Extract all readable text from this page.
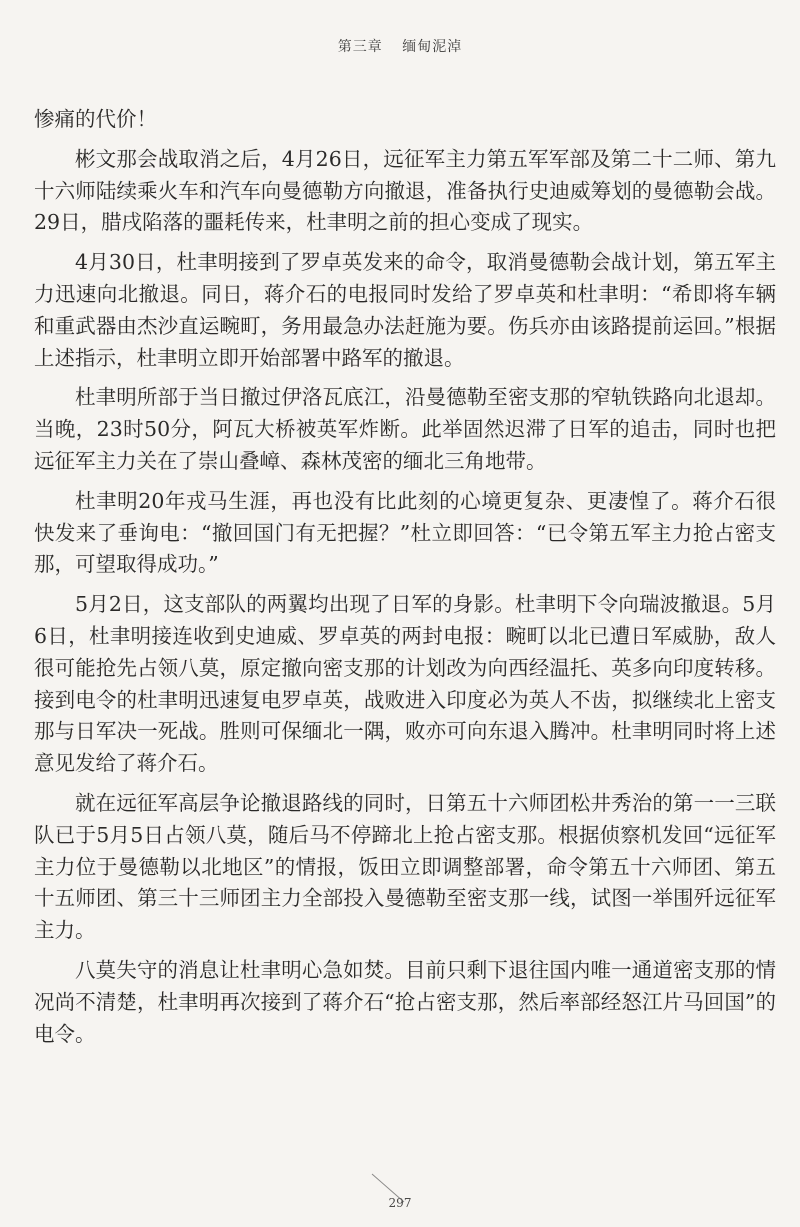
第三章 缅甸泥淖

惨痛的代价！

彬文那会战取消之后，4月26日，远征军主力第五军军部及第二十二师、第九十六师陆续乘火车和汽车向曼德勒方向撤退，准备执行史迪威筹划的曼德勒会战。29日，腊戌陷落的噩耗传来，杜聿明之前的担心变成了现实。

4月30日，杜聿明接到了罗卓英发来的命令，取消曼德勒会战计划，第五军主力迅速向北撤退。同日，蒋介石的电报同时发给了罗卓英和杜聿明：“希即将车辆和重武器由杰沙直运畹町，务用最急办法赶施为要。伤兵亦由该路提前运回。”根据上述指示，杜聿明立即开始部署中路军的撤退。

杜聿明所部于当日撤过伊洛瓦底江，沿曼德勒至密支那的窄轨铁路向北退却。当晚，23时50分，阿瓦大桥被英军炸断。此举固然迟滞了日军的追击，同时也把远征军主力关在了崇山叠嶂、森林茂密的缅北三角地带。

杜聿明20年戎马生涯，再也没有比此刻的心境更复杂、更凄惶了。蒋介石很快发来了垂询电：“撤回国门有无把握？”杜立即回答：“已令第五军主力抢占密支那，可望取得成功。”

5月2日，这支部队的两翼均出现了日军的身影。杜聿明下令向瑞波撤退。5月6日，杜聿明接连收到史迪威、罗卓英的两封电报：畹町以北已遭日军威胁，敌人很可能抢先占领八莫，原定撤向密支那的计划改为向西经温托、英多向印度转移。接到电令的杜聿明迅速复电罗卓英，战败进入印度必为英人不齿，拟继续北上密支那与日军决一死战。胜则可保缅北一隅，败亦可向东退入腾冲。杜聿明同时将上述意见发给了蒋介石。

就在远征军高层争论撤退路线的同时，日第五十六师团松井秀治的第一一三联队已于5月5日占领八莫，随后马不停蹄北上抢占密支那。根据侦察机发回“远征军主力位于曼德勒以北地区”的情报，饭田立即调整部署，命令第五十六师团、第五十五师团、第三十三师团主力全部投入曼德勒至密支那一线，试图一举围歼远征军主力。

八莫失守的消息让杜聿明心急如焚。目前只剩下退往国内唯一通道密支那的情况尚不清楚，杜聿明再次接到了蒋介石“抢占密支那，然后率部经怒江片马回国”的电令。

297
